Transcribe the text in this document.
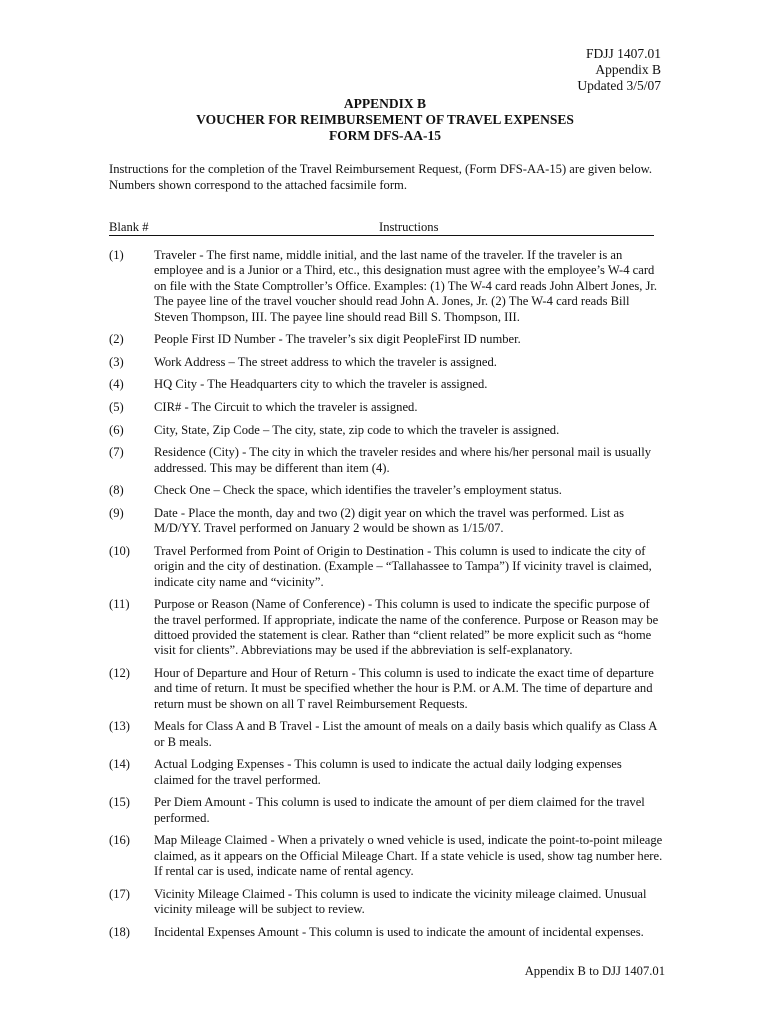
FDJJ 1407.01
Appendix B
Updated 3/5/07
APPENDIX B
VOUCHER FOR REIMBURSEMENT OF TRAVEL EXPENSES
FORM DFS-AA-15
Instructions for the completion of the Travel Reimbursement Request, (Form DFS-AA-15) are given below. Numbers shown correspond to the attached facsimile form.
Blank #	Instructions
(1) Traveler - The first name, middle initial, and the last name of the traveler. If the traveler is an employee and is a Junior or a Third, etc., this designation must agree with the employee’s W-4 card on file with the State Comptroller’s Office. Examples: (1) The W-4 card reads John Albert Jones, Jr. The payee line of the travel voucher should read John A. Jones, Jr. (2) The W-4 card reads Bill Steven Thompson, III. The payee line should read Bill S. Thompson, III.
(2) People First ID Number - The traveler’s six digit PeopleFirst ID number.
(3) Work Address – The street address to which the traveler is assigned.
(4) HQ City - The Headquarters city to which the traveler is assigned.
(5) CIR# - The Circuit to which the traveler is assigned.
(6) City, State, Zip Code – The city, state, zip code to which the traveler is assigned.
(7) Residence (City) - The city in which the traveler resides and where his/her personal mail is usually addressed. This may be different than item (4).
(8) Check One – Check the space, which identifies the traveler’s employment status.
(9) Date - Place the month, day and two (2) digit year on which the travel was performed. List as M/D/YY. Travel performed on January 2 would be shown as 1/15/07.
(10) Travel Performed from Point of Origin to Destination - This column is used to indicate the city of origin and the city of destination. (Example – “Tallahassee to Tampa”) If vicinity travel is claimed, indicate city name and “vicinity”.
(11) Purpose or Reason (Name of Conference) - This column is used to indicate the specific purpose of the travel performed. If appropriate, indicate the name of the conference. Purpose or Reason may be dittoed provided the statement is clear. Rather than “client related” be more explicit such as “home visit for clients”. Abbreviations may be used if the abbreviation is self-explanatory.
(12) Hour of Departure and Hour of Return - This column is used to indicate the exact time of departure and time of return. It must be specified whether the hour is P.M. or A.M. The time of departure and return must be shown on all T ravel Reimbursement Requests.
(13) Meals for Class A and B Travel - List the amount of meals on a daily basis which qualify as Class A or B meals.
(14) Actual Lodging Expenses - This column is used to indicate the actual daily lodging expenses claimed for the travel performed.
(15) Per Diem Amount - This column is used to indicate the amount of per diem claimed for the travel performed.
(16) Map Mileage Claimed - When a privately o wned vehicle is used, indicate the point-to-point mileage claimed, as it appears on the Official Mileage Chart. If a state vehicle is used, show tag number here. If rental car is used, indicate name of rental agency.
(17) Vicinity Mileage Claimed - This column is used to indicate the vicinity mileage claimed. Unusual vicinity mileage will be subject to review.
(18) Incidental Expenses Amount - This column is used to indicate the amount of incidental expenses.
Appendix B to DJJ 1407.01
